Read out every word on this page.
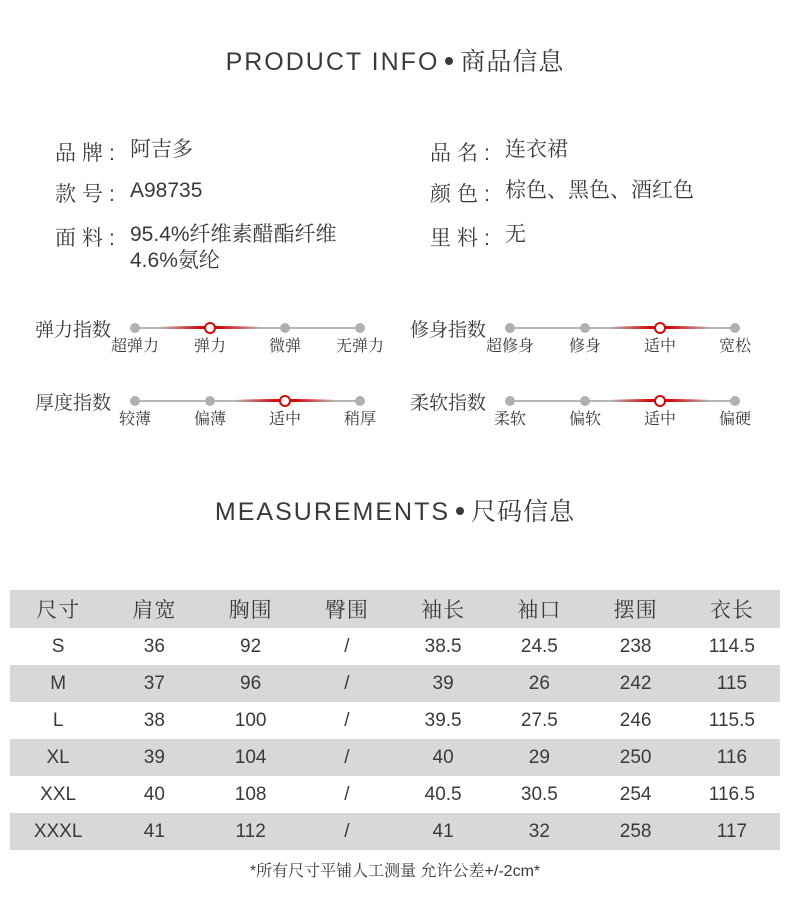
PRODUCT INFO 商品信息
品牌: 阿吉多	品名: 连衣裙
款号: A98735	颜色: 棕色、黑色、酒红色
面料: 95.4%纤维素醋酯纤维
4.6%氨纶
里料: 无
弹力指数
超弹力 弹力	微弹 无弹力
修身指数
超修身 修身	适中	宽松
厚度指数
较薄	偏薄	适中	稍厚
柔软指数
柔软	偏软	适中	偏硬
MEASUREMENTS 尺码信息
尺寸	肩宽	胸围	臀围	袖长	袖口	摆围	衣长
S	36	92	/	38.5	24.5	238	114.5
M	37	96	/	39	26	242	115
L	38	100	/	39.5	27.5	246	115.5
XL	39	104	/	40	29	250	116
XXL	40	108	/	40.5	30.5	254	116.5
XXXL	41	112	/	41	32	258	117
*所有尺寸平铺人工测量 允许公差+/-2cm*
